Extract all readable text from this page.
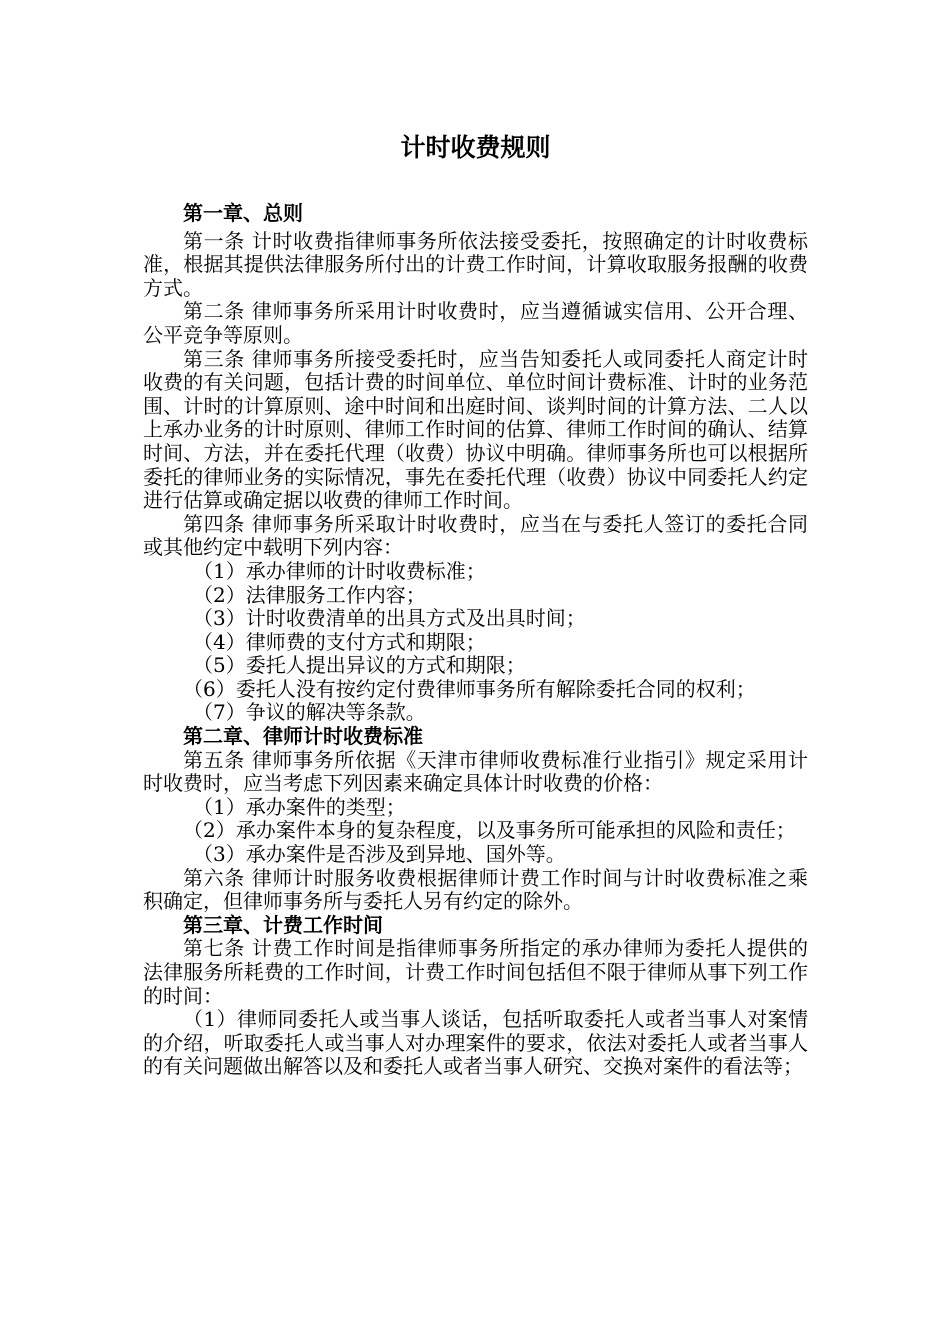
计时收费规则
第一章、总则

第一条 计时收费指律师事务所依法接受委托，按照确定的计时收费标准，根据其提供法律服务所付出的计费工作时间，计算收取服务报酬的收费方式。

第二条 律师事务所采用计时收费时，应当遵循诚实信用、公开合理、公平竞争等原则。

第三条 律师事务所接受委托时，应当告知委托人或同委托人商定计时收费的有关问题，包括计费的时间单位、单位时间计费标准、计时的业务范围、计时的计算原则、途中时间和出庭时间、谈判时间的计算方法、二人以上承办业务的计时原则、律师工作时间的估算、律师工作时间的确认、结算时间、方法，并在委托代理（收费）协议中明确。律师事务所也可以根据所委托的律师业务的实际情况，事先在委托代理（收费）协议中同委托人约定进行估算或确定据以收费的律师工作时间。

第四条 律师事务所采取计时收费时，应当在与委托人签订的委托合同或其他约定中载明下列内容：

（1）承办律师的计时收费标准；

（2）法律服务工作内容；

（3）计时收费清单的出具方式及出具时间；

（4）律师费的支付方式和期限；

（5）委托人提出异议的方式和期限；

（6）委托人没有按约定付费律师事务所有解除委托合同的权利；

（7）争议的解决等条款。

第二章、律师计时收费标准

第五条 律师事务所依据《天津市律师收费标准行业指引》规定采用计时收费时，应当考虑下列因素来确定具体计时收费的价格：

（1）承办案件的类型；

（2）承办案件本身的复杂程度，以及事务所可能承担的风险和责任；

（3）承办案件是否涉及到异地、国外等。

第六条 律师计时服务收费根据律师计费工作时间与计时收费标准之乘积确定，但律师事务所与委托人另有约定的除外。

第三章、计费工作时间

第七条 计费工作时间是指律师事务所指定的承办律师为委托人提供的法律服务所耗费的工作时间，计费工作时间包括但不限于律师从事下列工作的时间：

（1）律师同委托人或当事人谈话，包括听取委托人或者当事人对案情的介绍，听取委托人或当事人对办理案件的要求，依法对委托人或者当事人的有关问题做出解答以及和委托人或者当事人研究、交换对案件的看法等；
